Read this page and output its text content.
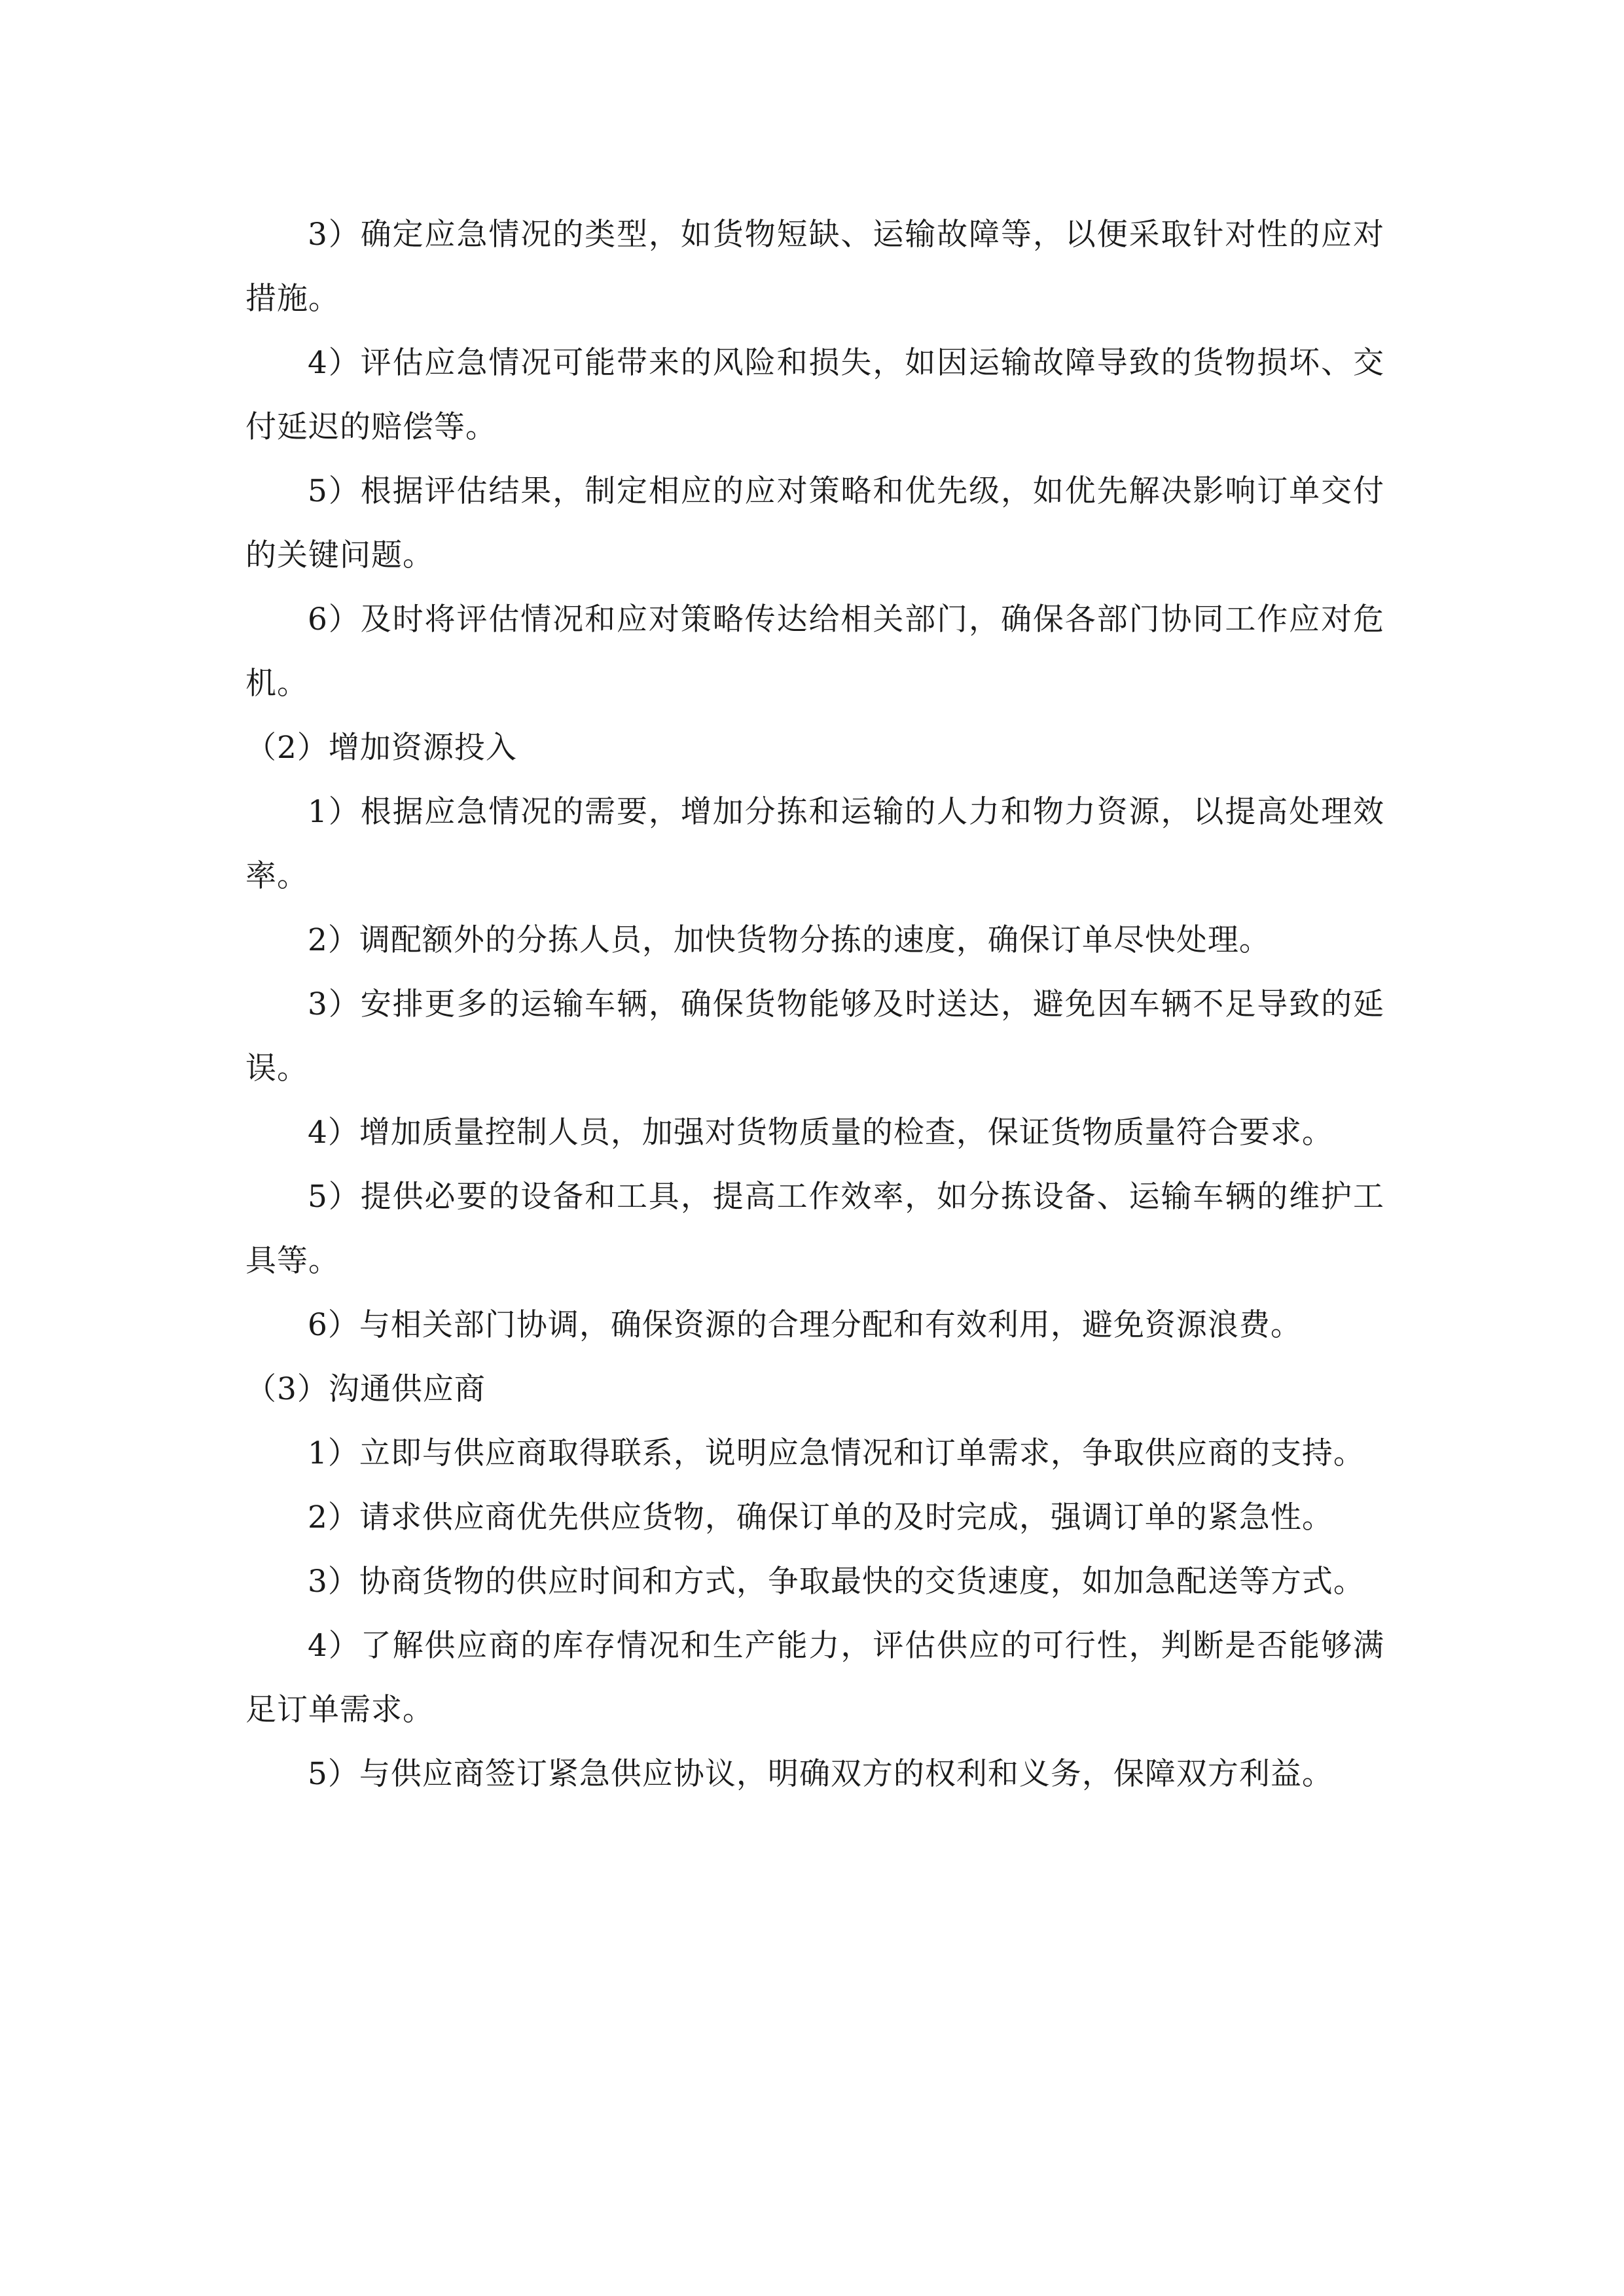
3）确定应急情况的类型，如货物短缺、运输故障等，以便采取针对性的应对措施。

4）评估应急情况可能带来的风险和损失，如因运输故障导致的货物损坏、交付延迟的赔偿等。

5）根据评估结果，制定相应的应对策略和优先级，如优先解决影响订单交付的关键问题。

6）及时将评估情况和应对策略传达给相关部门，确保各部门协同工作应对危机。

（2）增加资源投入

1）根据应急情况的需要，增加分拣和运输的人力和物力资源，以提高处理效率。

2）调配额外的分拣人员，加快货物分拣的速度，确保订单尽快处理。

3）安排更多的运输车辆，确保货物能够及时送达，避免因车辆不足导致的延误。

4）增加质量控制人员，加强对货物质量的检查，保证货物质量符合要求。

5）提供必要的设备和工具，提高工作效率，如分拣设备、运输车辆的维护工具等。

6）与相关部门协调，确保资源的合理分配和有效利用，避免资源浪费。

（3）沟通供应商

1）立即与供应商取得联系，说明应急情况和订单需求，争取供应商的支持。

2）请求供应商优先供应货物，确保订单的及时完成，强调订单的紧急性。

3）协商货物的供应时间和方式，争取最快的交货速度，如加急配送等方式。

4）了解供应商的库存情况和生产能力，评估供应的可行性，判断是否能够满足订单需求。

5）与供应商签订紧急供应协议，明确双方的权利和义务，保障双方利益。
